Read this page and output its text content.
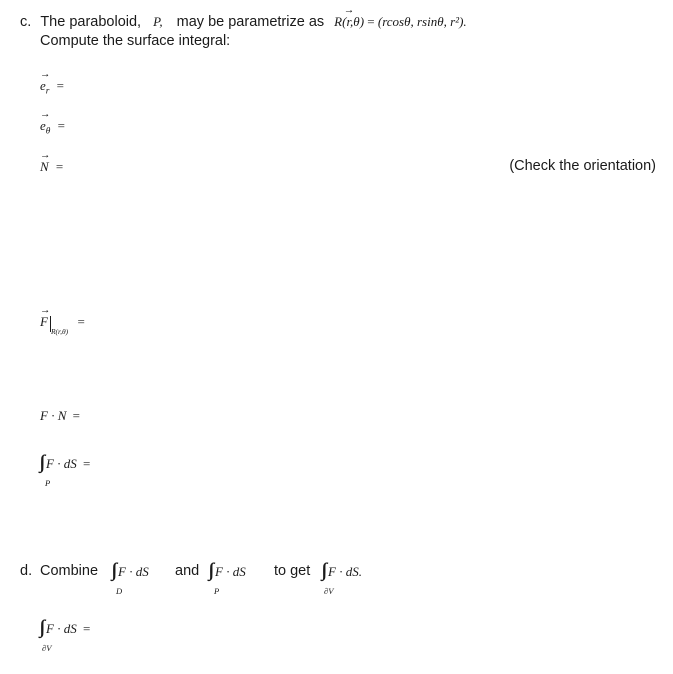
c. The paraboloid, P, may be parametrize as → R(r,θ) = (rcosθ, rsinθ, r²).
Compute the surface integral:
→ $e_r$ =
→ $e_\theta$ =
→ N =	(Check the orientation)
→ $F_{R(r,\theta)}$ =
F · N =
F · dS =
P
d. Combine	F · dS
D
and	F · dS
P
to get	F · dS.
∂V
F · dS =
∂V
